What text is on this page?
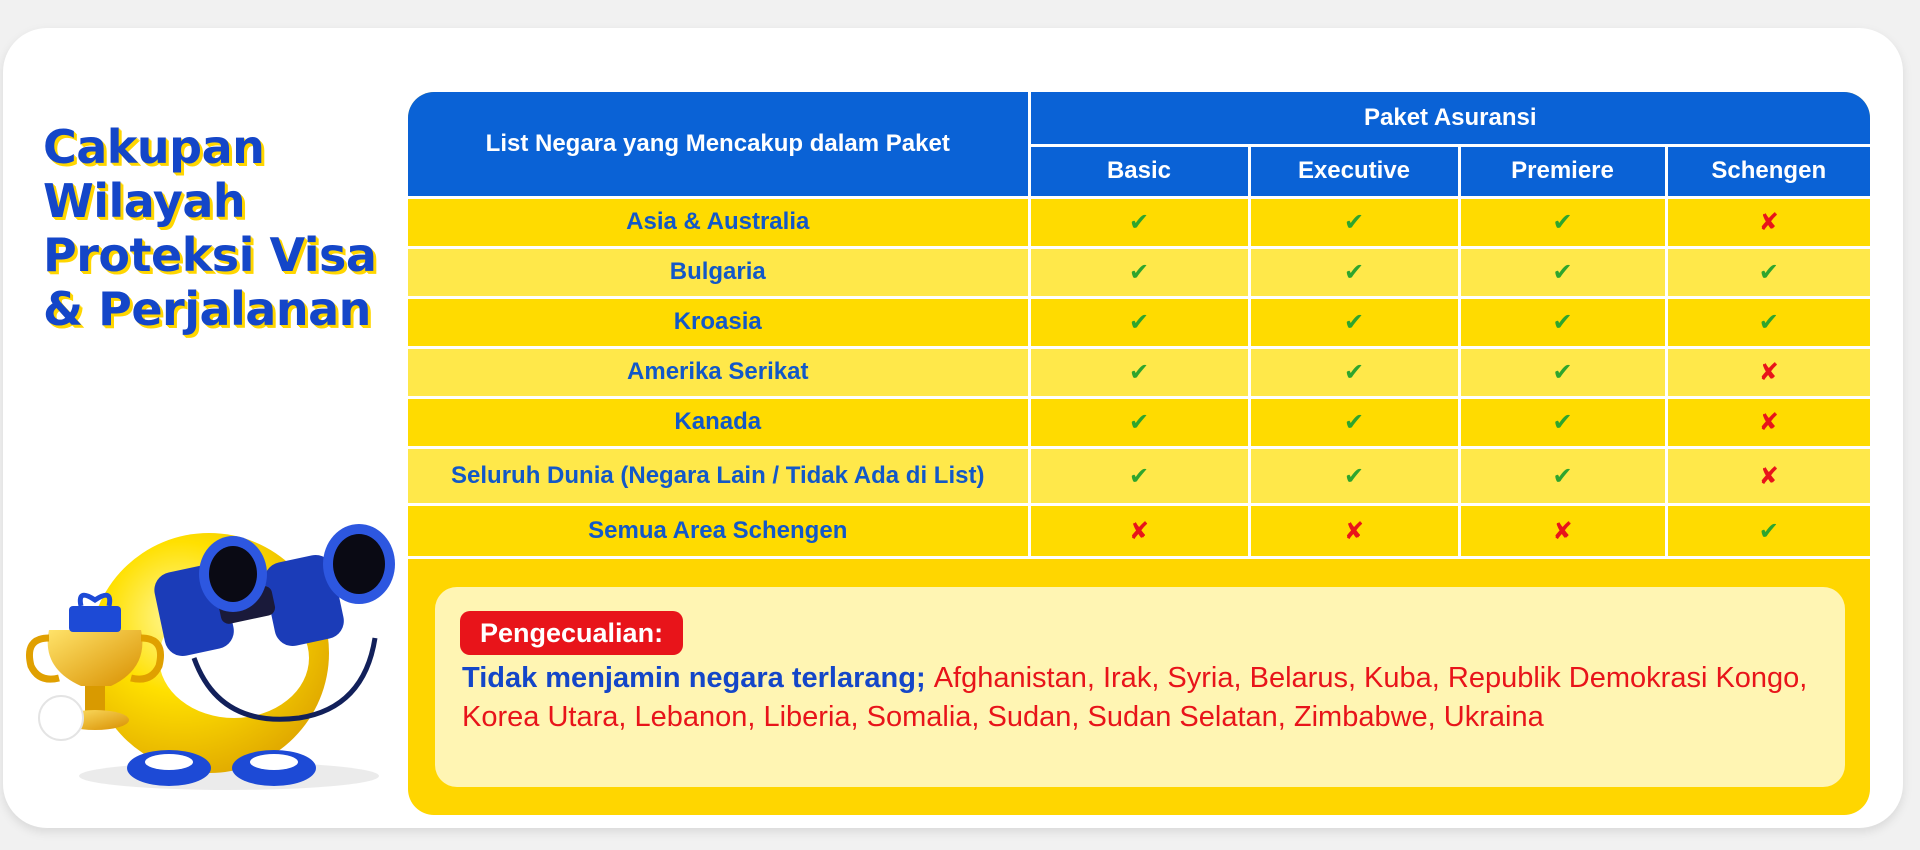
Cakupan
Wilayah
Proteksi Visa
& Perjalanan
List Negara yang Mencakup dalam Paket	Paket Asuransi			
	Basic	Executive	Premiere	Schengen
Asia & Australia	✔	✔	✔	✘
Bulgaria	✔	✔	✔	✔
Kroasia	✔	✔	✔	✔
Amerika Serikat	✔	✔	✔	✘
Kanada	✔	✔	✔	✘
Seluruh Dunia (Negara Lain / Tidak Ada di List)	✔	✔	✔	✘
Semua Area Schengen	✘	✘	✘	✔
Pengecualian:

Tidak menjamin negara terlarang; Afghanistan, Irak, Syria, Belarus, Kuba, Republik Demokrasi Kongo, Korea Utara, Lebanon, Liberia, Somalia, Sudan, Sudan Selatan, Zimbabwe, Ukraina
